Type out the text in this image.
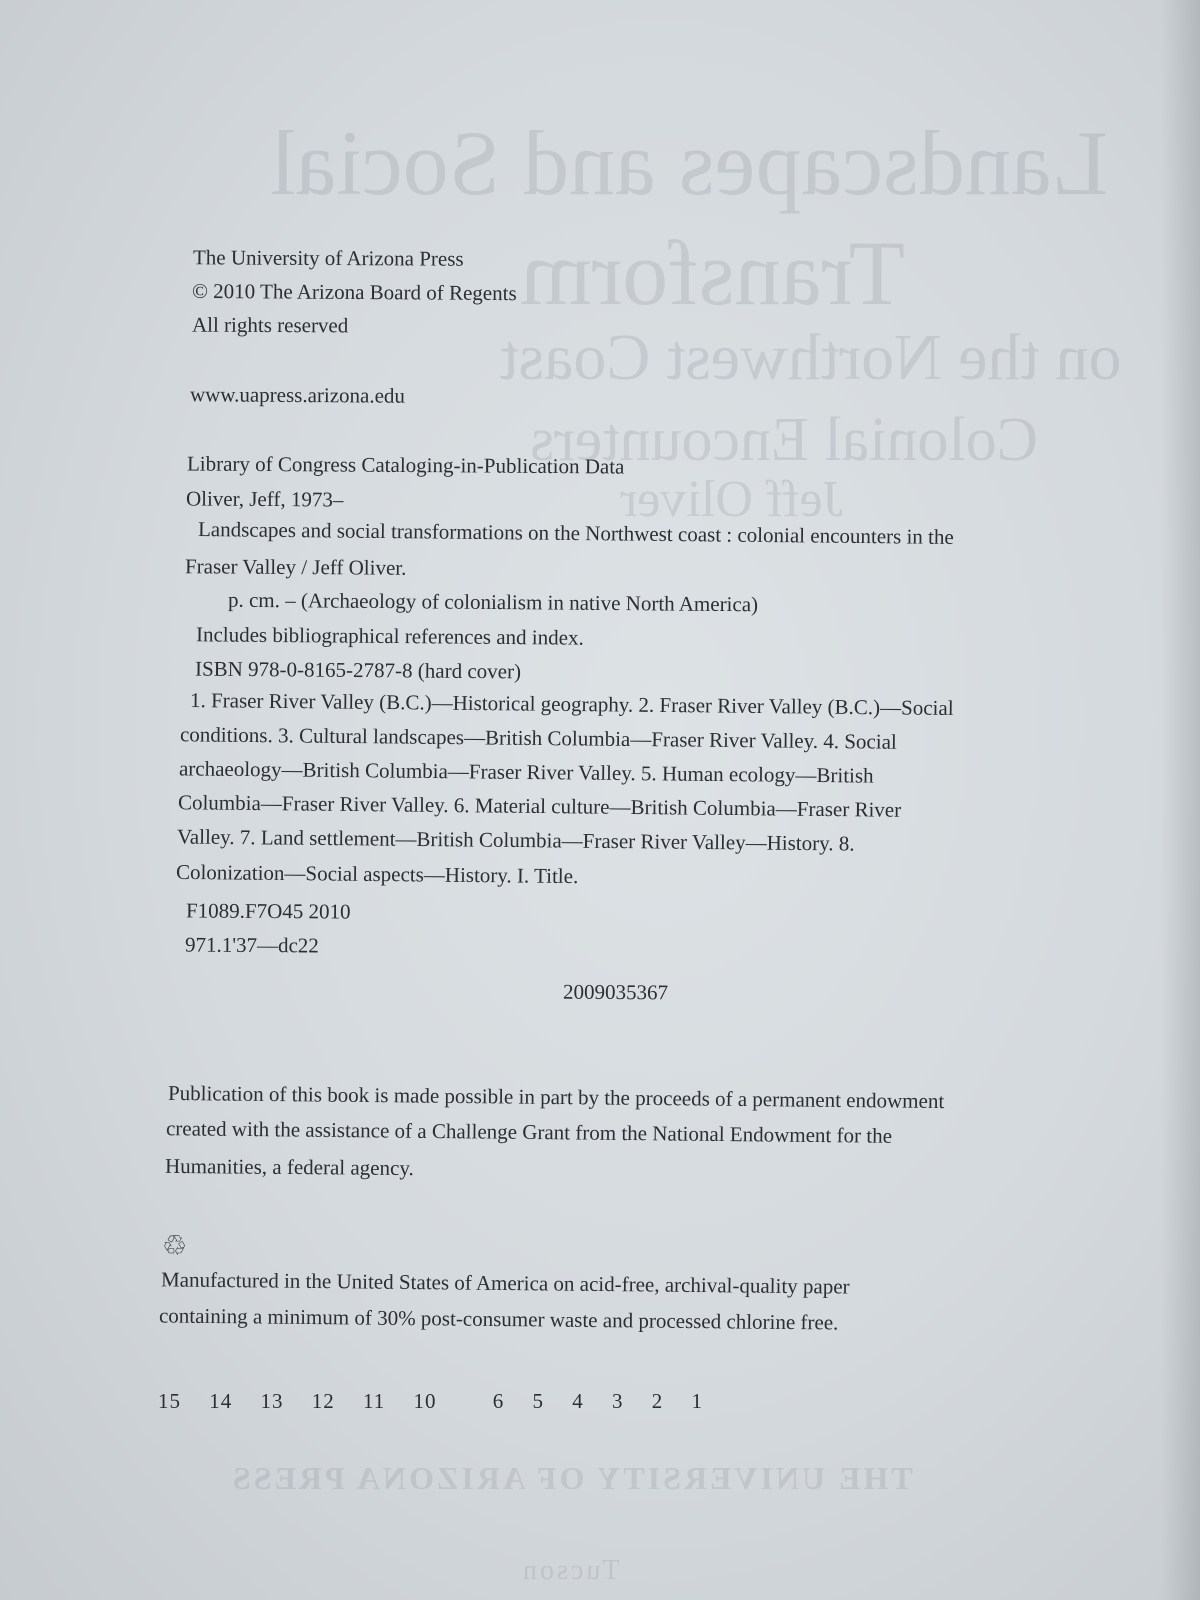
Landscapes and Social
Transform
on the Northwest Coast
Colonial Encounters
Jeff Oliver
THE UNIVERSITY OF ARIZONA PRESS
Tucson
The University of Arizona Press
© 2010 The Arizona Board of Regents
All rights reserved
www.uapress.arizona.edu
Library of Congress Cataloging-in-Publication Data
Oliver, Jeff, 1973–
Landscapes and social transformations on the Northwest coast : colonial encounters in the
Fraser Valley / Jeff Oliver.
p. cm. – (Archaeology of colonialism in native North America)
Includes bibliographical references and index.
ISBN 978-0-8165-2787-8 (hard cover)
1. Fraser River Valley (B.C.)—Historical geography. 2. Fraser River Valley (B.C.)—Social
conditions. 3. Cultural landscapes—British Columbia—Fraser River Valley. 4. Social
archaeology—British Columbia—Fraser River Valley. 5. Human ecology—British
Columbia—Fraser River Valley. 6. Material culture—British Columbia—Fraser River
Valley. 7. Land settlement—British Columbia—Fraser River Valley—History. 8.
Colonization—Social aspects—History. I. Title.
F1089.F7O45 2010
971.1'37—dc22
2009035367
Publication of this book is made possible in part by the proceeds of a permanent endowment
created with the assistance of a Challenge Grant from the National Endowment for the
Humanities, a federal agency.
♲
Manufactured in the United States of America on acid-free, archival-quality paper
containing a minimum of 30% post-consumer waste and processed chlorine free.
15 14 13 12 11 10	6 5 4 3 2 1
